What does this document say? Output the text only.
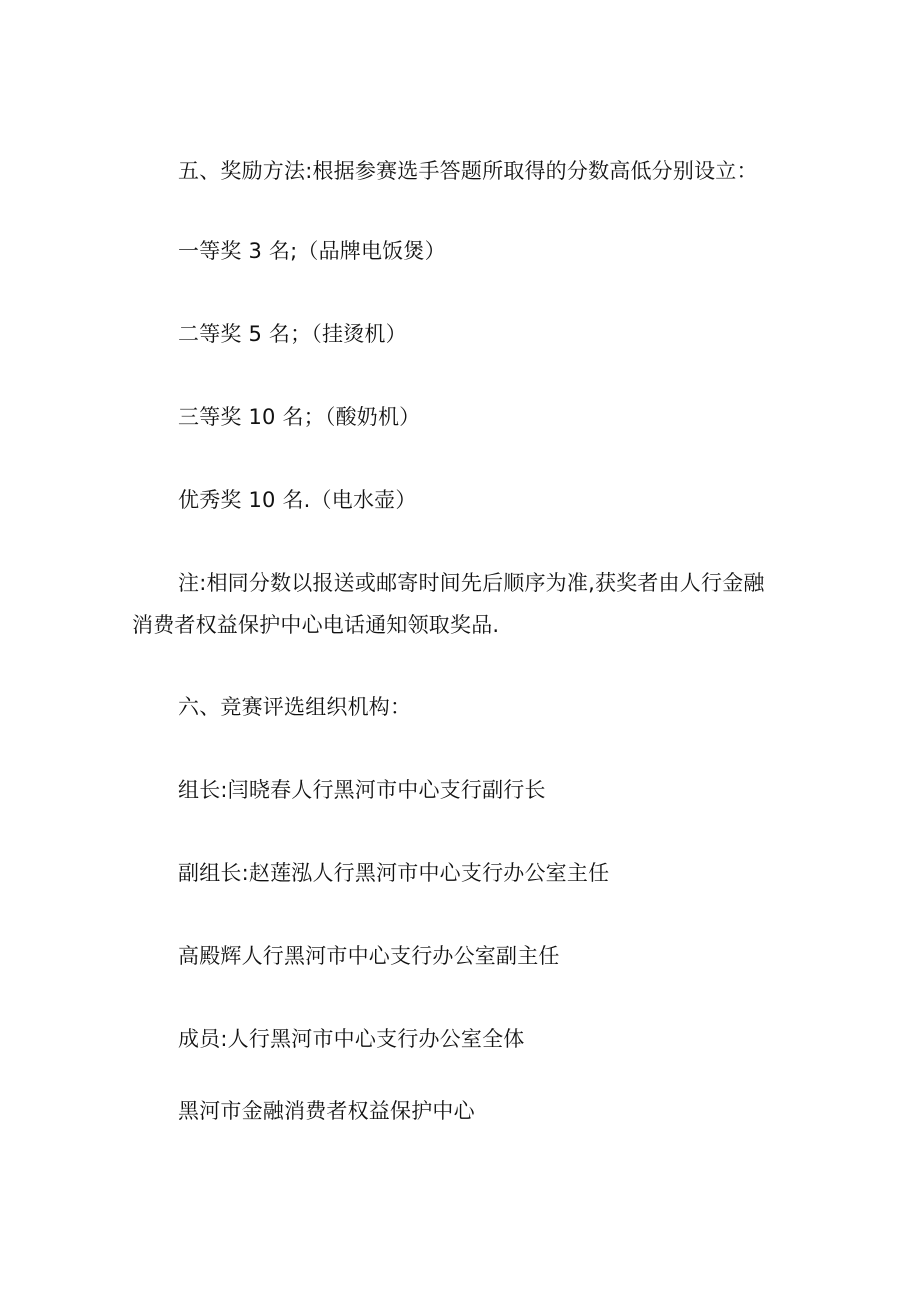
五、奖励方法:根据参赛选手答题所取得的分数高低分别设立：
一等奖 3 名;（品牌电饭煲）
二等奖 5 名；（挂烫机）
三等奖 10 名；（酸奶机）
优秀奖 10 名.（电水壶）
注:相同分数以报送或邮寄时间先后顺序为准,获奖者由人行金融
消费者权益保护中心电话通知领取奖品.
六、竞赛评选组织机构：
组长:闫晓春人行黑河市中心支行副行长
副组长:赵莲泓人行黑河市中心支行办公室主任
高殿辉人行黑河市中心支行办公室副主任
成员:人行黑河市中心支行办公室全体
黑河市金融消费者权益保护中心
